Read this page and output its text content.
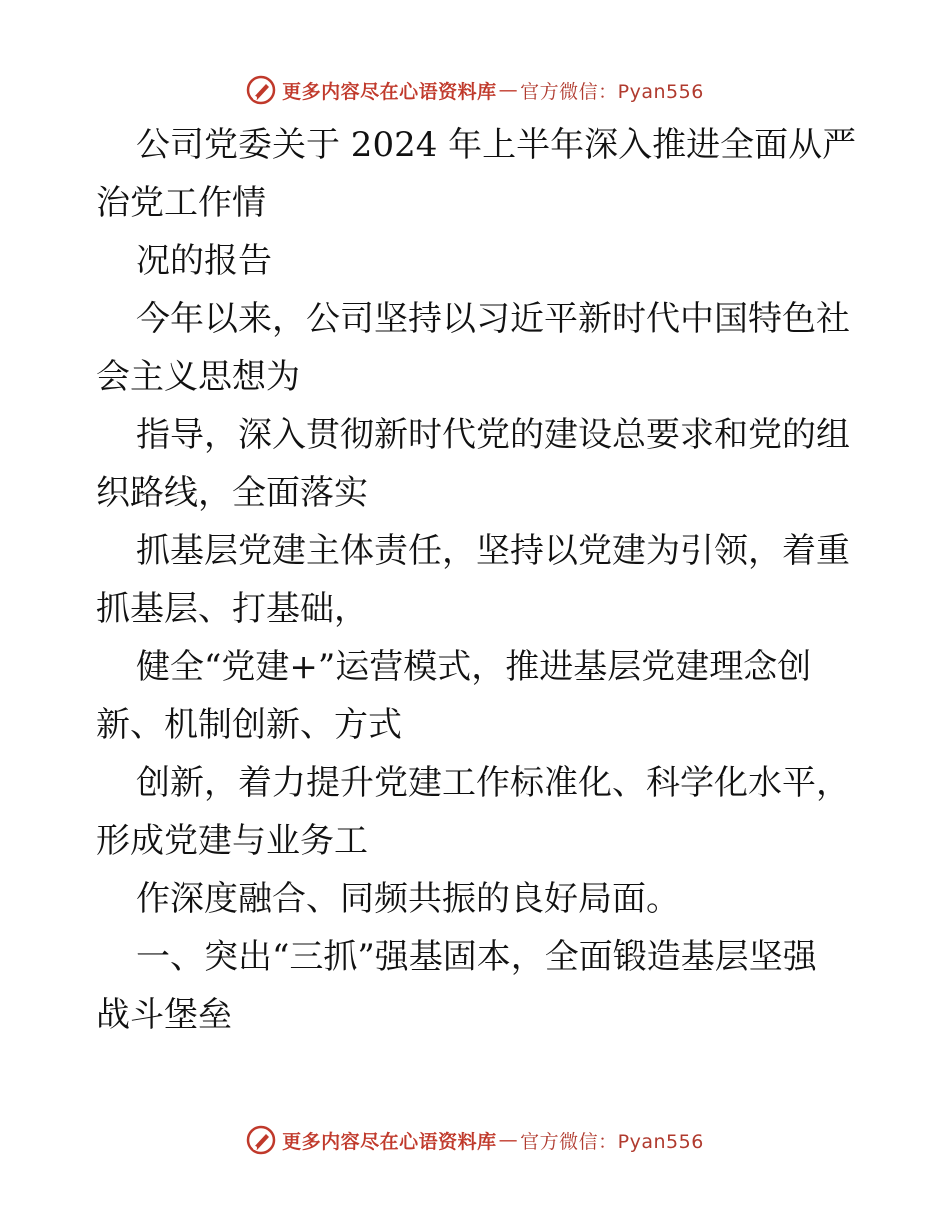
更多内容尽在心语资料库 — 官方微信：Pyan556

公司党委关于 2024 年上半年深入推进全面从严
治党工作情

况的报告

今年以来，公司坚持以习近平新时代中国特色社
会主义思想为

指导，深入贯彻新时代党的建设总要求和党的组
织路线，全面落实

抓基层党建主体责任，坚持以党建为引领，着重
抓基层、打基础，

健全“党建+”运营模式，推进基层党建理念创
新、机制创新、方式

创新，着力提升党建工作标准化、科学化水平，
形成党建与业务工

作深度融合、同频共振的良好局面。

一、突出“三抓”强基固本，全面锻造基层坚强
战斗堡垒

更多内容尽在心语资料库 — 官方微信：Pyan556
